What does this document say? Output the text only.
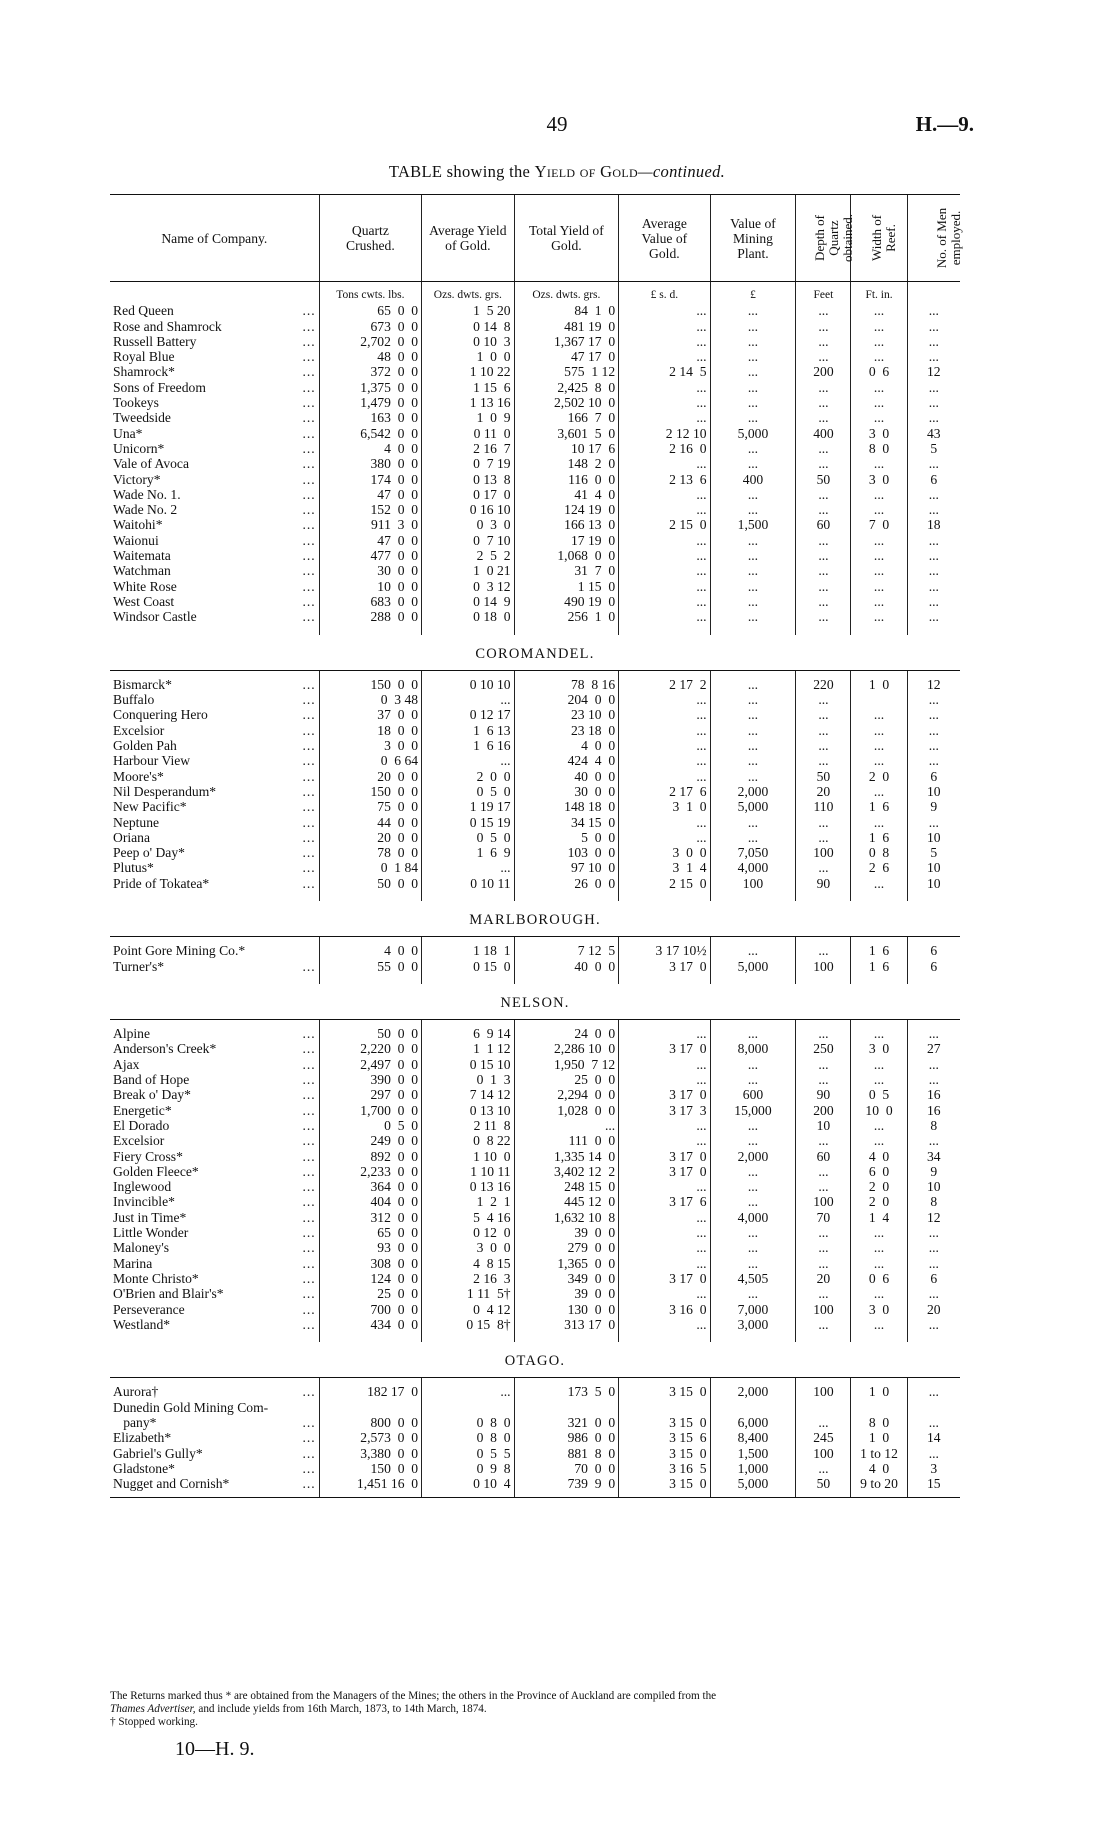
49	H.—9.
TABLE showing the Yield of Gold—continued.
Name of Company.	Quartz Crushed.	Average Yield of Gold.	Total Yield of Gold.	Average Value of Gold.	Value of Mining Plant.	Depth of Quartz obtained.	Width of Reef.	No. of Men employed.
	Tons cwts. lbs.	Ozs. dwts. grs.	Ozs. dwts. grs.	£ s. d.	£	Feet	Ft. in.	
Red Queen ...	65  0  0	1  5 20	84  1  0	...	...	...	...	...
Rose and Shamrock ...	673  0  0	0 14  8	481 19  0	...	...	...	...	...
Russell Battery ...	2,702  0  0	0 10  3	1,367 17  0	...	...	...	...	...
Royal Blue ...	48  0  0	1  0  0	47 17  0	...	...	...	...	...
Shamrock* ...	372  0  0	1 10 22	575  1 12	2 14  5	...	200	0  6	12
Sons of Freedom ...	1,375  0  0	1 15  6	2,425  8  0	...	...	...	...	...
Tookeys ...	1,479  0  0	1 13 16	2,502 10  0	...	...	...	...	...
Tweedside ...	163  0  0	1  0  9	166  7  0	...	...	...	...	...
Una* ...	6,542  0  0	0 11  0	3,601  5  0	2 12 10	5,000	400	3  0	43
Unicorn* ...	4  0  0	2 16  7	10 17  6	2 16  0	...	...	8  0	5
Vale of Avoca ...	380  0  0	0  7 19	148  2  0	...	...	...	...	...
Victory* ...	174  0  0	0 13  8	116  0  0	2 13  6	400	50	3  0	6
Wade No. 1. ...	47  0  0	0 17  0	41  4  0	...	...	...	...	...
Wade No. 2 ...	152  0  0	0 16 10	124 19  0	...	...	...	...	...
Waitohi* ...	911  3  0	0  3  0	166 13  0	2 15  0	1,500	60	7  0	18
Waionui ...	47  0  0	0  7 10	17 19  0	...	...	...	...	...
Waitemata ...	477  0  0	2  5  2	1,068  0  0	...	...	...	...	...
Watchman ...	30  0  0	1  0 21	31  7  0	...	...	...	...	...
White Rose ...	10  0  0	0  3 12	1 15  0	...	...	...	...	...
West Coast ...	683  0  0	0 14  9	490 19  0	...	...	...	...	...
Windsor Castle ...	288  0  0	0 18  0	256  1  0	...	...	...	...	...

COROMANDEL.								

Bismarck* ...	150  0  0	0 10 10	78  8 16	2 17  2	...	220	1  0	12
Buffalo ...	0  3 48	...	204  0  0	...	...	...		...
Conquering Hero ...	37  0  0	0 12 17	23 10  0	...	...	...	...	...
Excelsior ...	18  0  0	1  6 13	23 18  0	...	...	...	...	...
Golden Pah ...	3  0  0	1  6 16	4  0  0	...	...	...	...	...
Harbour View ...	0  6 64	...	424  4  0	...	...	...	...	...
Moore's* ...	20  0  0	2  0  0	40  0  0	...	...	50	2  0	6
Nil Desperandum* ...	150  0  0	0  5  0	30  0  0	2 17  6	2,000	20	...	10
New Pacific* ...	75  0  0	1 19 17	148 18  0	3  1  0	5,000	110	1  6	9
Neptune ...	44  0  0	0 15 19	34 15  0	...	...	...	...	...
Oriana ...	20  0  0	0  5  0	5  0  0	...	...	...	1  6	10
Peep o' Day* ...	78  0  0	1  6  9	103  0  0	3  0  0	7,050	100	0  8	5
Plutus* ...	0  1 84	...	97 10  0	3  1  4	4,000	...	2  6	10
Pride of Tokatea* ...	50  0  0	0 10 11	26  0  0	2 15  0	100	90	...	10

MARLBOROUGH.								

Point Gore Mining Co.*	4  0  0	1 18  1	7 12  5	3 17 10½	...	...	1  6	6
Turner's* ...	55  0  0	0 15  0	40  0  0	3 17  0	5,000	100	1  6	6

NELSON.								

Alpine ...	50  0  0	6  9 14	24  0  0	...	...	...	...	...
Anderson's Creek* ...	2,220  0  0	1  1 12	2,286 10  0	3 17  0	8,000	250	3  0	27
Ajax ...	2,497  0  0	0 15 10	1,950  7 12	...	...	...	...	...
Band of Hope ...	390  0  0	0  1  3	25  0  0	...	...	...	...	...
Break o' Day* ...	297  0  0	7 14 12	2,294  0  0	3 17  0	600	90	0  5	16
Energetic* ...	1,700  0  0	0 13 10	1,028  0  0	3 17  3	15,000	200	10  0	16
El Dorado ...	0  5  0	2 11  8	...	...	...	10	...	8
Excelsior ...	249  0  0	0  8 22	111  0  0	...	...	...	...	...
Fiery Cross* ...	892  0  0	1 10  0	1,335 14  0	3 17  0	2,000	60	4  0	34
Golden Fleece* ...	2,233  0  0	1 10 11	3,402 12  2	3 17  0	...	...	6  0	9
Inglewood ...	364  0  0	0 13 16	248 15  0	...	...	...	2  0	10
Invincible* ...	404  0  0	1  2  1	445 12  0	3 17  6	...	100	2  0	8
Just in Time* ...	312  0  0	5  4 16	1,632 10  8	...	4,000	70	1  4	12
Little Wonder ...	65  0  0	0 12  0	39  0  0	...	...	...	...	...
Maloney's ...	93  0  0	3  0  0	279  0  0	...	...	...	...	...
Marina ...	308  0  0	4  8 15	1,365  0  0	...	...	...	...	...
Monte Christo* ...	124  0  0	2 16  3	349  0  0	3 17  0	4,505	20	0  6	6
O'Brien and Blair's* ...	25  0  0	1 11  5†	39  0  0	...	...	...	...	...
Perseverance ...	700  0  0	0  4 12	130  0  0	3 16  0	7,000	100	3  0	20
Westland* ...	434  0  0	0 15  8†	313 17  0	...	3,000	...	...	...

OTAGO.								

Aurora† ...	182 17  0	...	173  5  0	3 15  0	2,000	100	1  0	...
Dunedin Gold Mining Com-								
pany* ...	800  0  0	0  8  0	321  0  0	3 15  0	6,000	...	8  0	...
Elizabeth* ...	2,573  0  0	0  8  0	986  0  0	3 15  6	8,400	245	1  0	14
Gabriel's Gully* ...	3,380  0  0	0  5  5	881  8  0	3 15  0	1,500	100	1 to 12	...
Gladstone* ...	150  0  0	0  9  8	70  0  0	3 16  5	1,000	...	4  0	3
Nugget and Cornish* ...	1,451 16  0	0 10  4	739  9  0	3 15  0	5,000	50	9 to 20	15

The Returns marked thus * are obtained from the Managers of the Mines; the others in the Province of Auckland are compiled from the
Thames Advertiser, and include yields from 16th March, 1873, to 14th March, 1874.
† Stopped working.
10—H. 9.
